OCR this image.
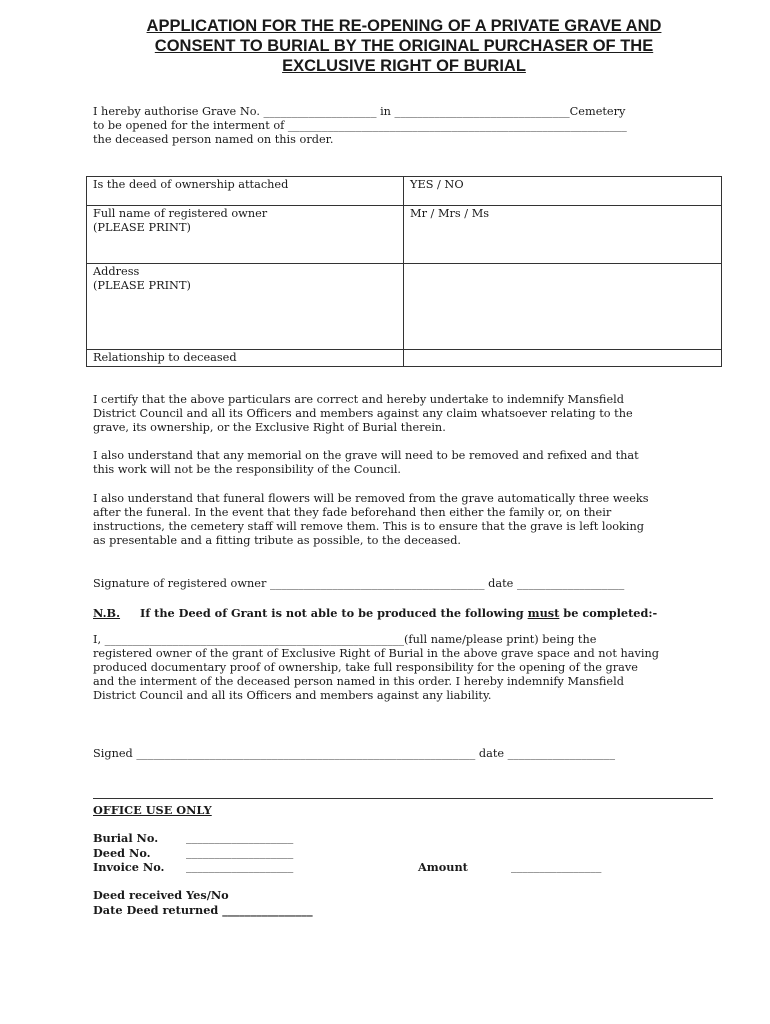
APPLICATION FOR THE RE-OPENING OF A PRIVATE GRAVE AND
CONSENT TO BURIAL BY THE ORIGINAL PURCHASER OF THE
EXCLUSIVE RIGHT OF BURIAL
I hereby authorise Grave No. ____________________ in _______________________________Cemetery
to be opened for the interment of ____________________________________________________________
the deceased person named on this order.
Is the deed of ownership attached	YES / NO

Full name of registered owner
(PLEASE PRINT)	Mr / Mrs / Ms

Address
(PLEASE PRINT)	

Relationship to deceased	
I certify that the above particulars are correct and hereby undertake to indemnify Mansfield
District Council and all its Officers and members against any claim whatsoever relating to the
grave, its ownership, or the Exclusive Right of Burial therein.
I also understand that any memorial on the grave will need to be removed and refixed and that
this work will not be the responsibility of the Council.
I also understand that funeral flowers will be removed from the grave automatically three weeks
after the funeral. In the event that they fade beforehand then either the family or, on their
instructions, the cemetery staff will remove them. This is to ensure that the grave is left looking
as presentable and a fitting tribute as possible, to the deceased.
Signature of registered owner ______________________________________ date ___________________
N.B. If the Deed of Grant is not able to be produced the following must be completed:-
I, _____________________________________________________(full name/please print) being the
registered owner of the grant of Exclusive Right of Burial in the above grave space and not having
produced documentary proof of ownership, take full responsibility for the opening of the grave
and the interment of the deceased person named in this order. I hereby indemnify Mansfield
District Council and all its Officers and members against any liability.
Signed ____________________________________________________________ date ___________________
OFFICE USE ONLY
Burial No. ___________________
Deed No.	___________________
Invoice No. ___________________	Amount	________________
Deed received Yes/No
Date Deed returned ________________
